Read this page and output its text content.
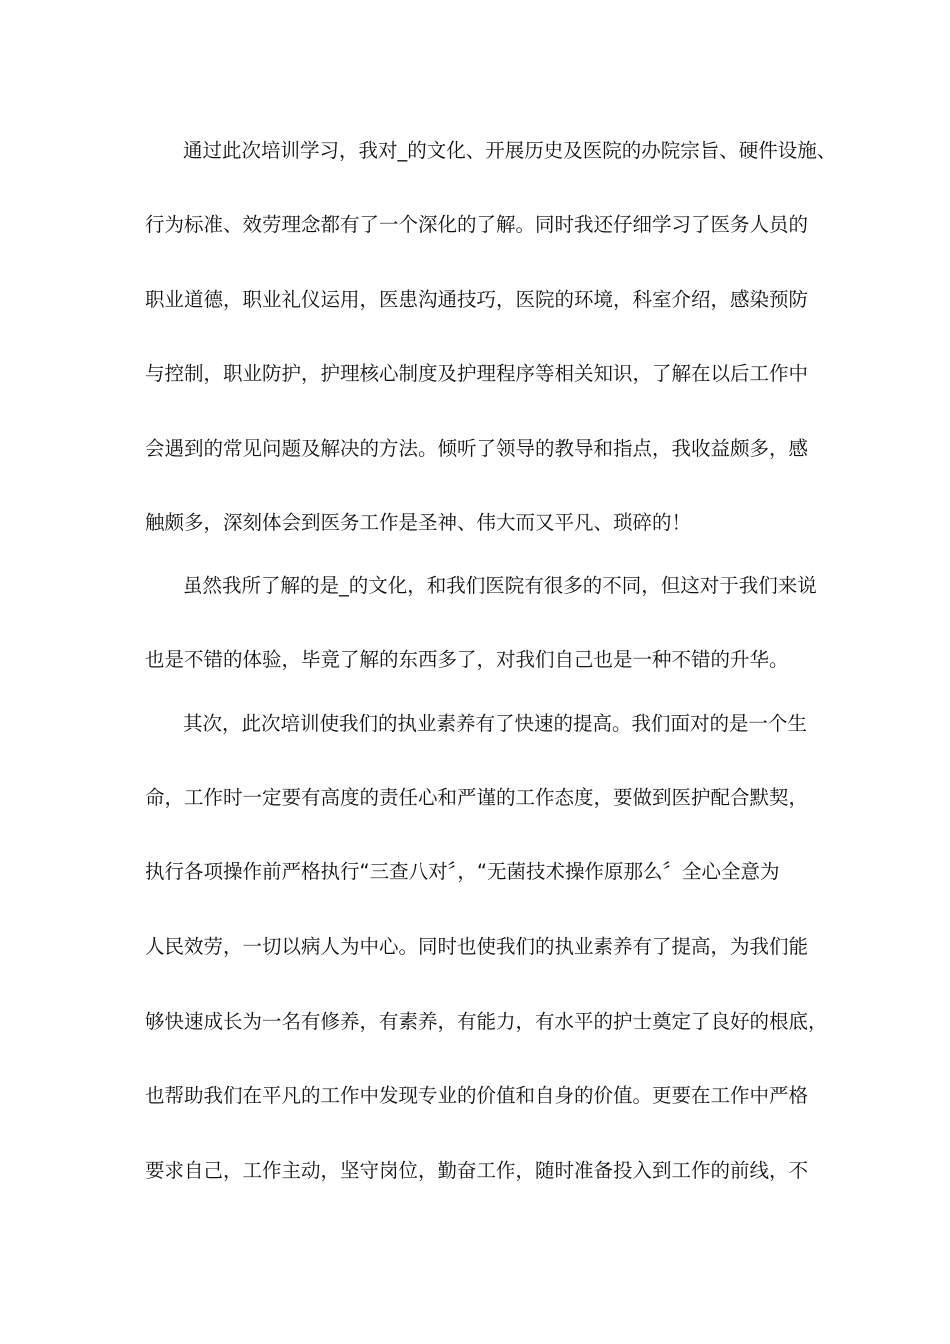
通过此次培训学习，我对_的文化、开展历史及医院的办院宗旨、硬件设施、
行为标准、效劳理念都有了一个深化的了解。同时我还仔细学习了医务人员的
职业道德，职业礼仪运用，医患沟通技巧，医院的环境，科室介绍，感染预防
与控制，职业防护，护理核心制度及护理程序等相关知识，了解在以后工作中
会遇到的常见问题及解决的方法。倾听了领导的教导和指点，我收益颇多，感
触颇多，深刻体会到医务工作是圣神、伟大而又平凡、琐碎的！
虽然我所了解的是_的文化，和我们医院有很多的不同，但这对于我们来说
也是不错的体验，毕竟了解的东西多了，对我们自己也是一种不错的升华。
其次，此次培训使我们的执业素养有了快速的提高。我们面对的是一个生
命，工作时一定要有高度的责任心和严谨的工作态度，要做到医护配合默契，
执行各项操作前严格执行“三查八对〞，“无菌技术操作原那么〞全心全意为
人民效劳，一切以病人为中心。同时也使我们的执业素养有了提高，为我们能
够快速成长为一名有修养，有素养，有能力，有水平的护士奠定了良好的根底，
也帮助我们在平凡的工作中发现专业的价值和自身的价值。更要在工作中严格
要求自己，工作主动，坚守岗位，勤奋工作，随时准备投入到工作的前线，不
